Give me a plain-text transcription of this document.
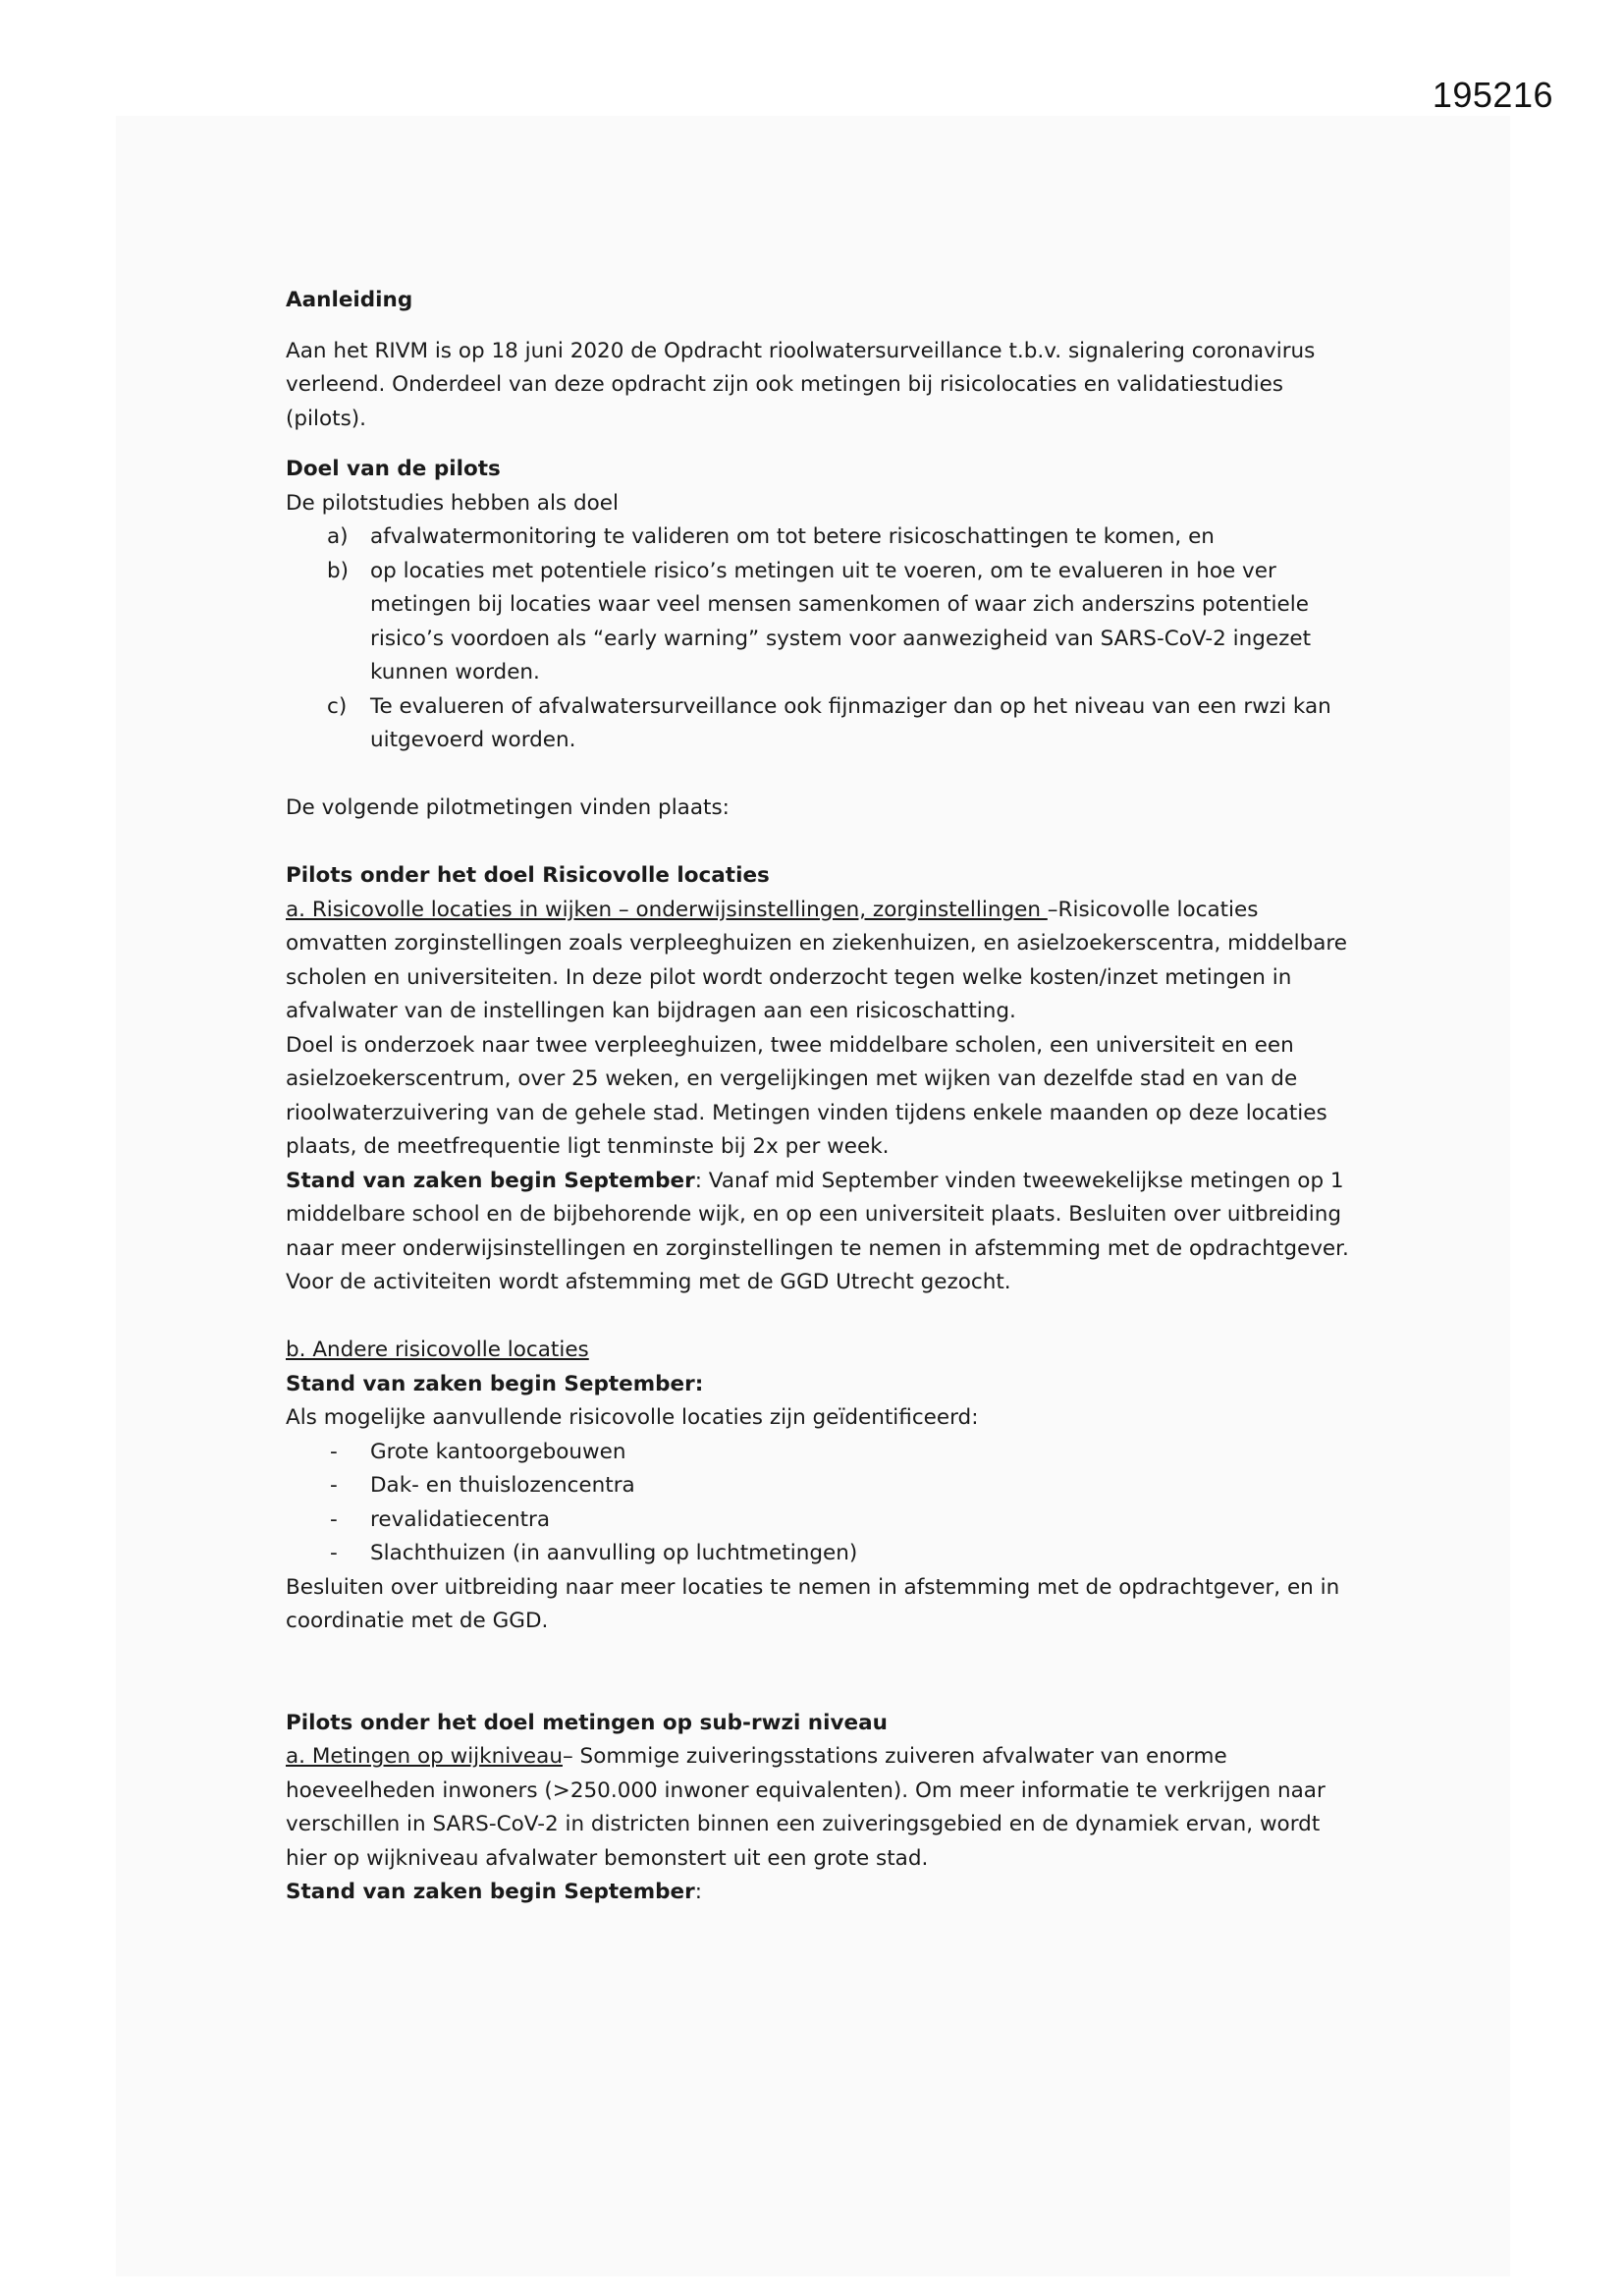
195216

Aanleiding

Aan het RIVM is op 18 juni 2020 de Opdracht rioolwatersurveillance t.b.v. signalering coronavirus verleend. Onderdeel van deze opdracht zijn ook metingen bij risicolocaties en validatiestudies (pilots).

Doel van de pilots

De pilotstudies hebben als doel

a) afvalwatermonitoring te valideren om tot betere risicoschattingen te komen, en
b) op locaties met potentiele risico’s metingen uit te voeren, om te evalueren in hoe ver metingen bij locaties waar veel mensen samenkomen of waar zich anderszins potentiele risico’s voordoen als “early warning” system voor aanwezigheid van SARS-CoV-2 ingezet kunnen worden.
c) Te evalueren of afvalwatersurveillance ook fijnmaziger dan op het niveau van een rwzi kan uitgevoerd worden.

De volgende pilotmetingen vinden plaats:

Pilots onder het doel Risicovolle locaties

a. Risicovolle locaties in wijken – onderwijsinstellingen, zorginstellingen –Risicovolle locaties omvatten zorginstellingen zoals verpleeghuizen en ziekenhuizen, en asielzoekerscentra, middelbare scholen en universiteiten. In deze pilot wordt onderzocht tegen welke kosten/inzet metingen in afvalwater van de instellingen kan bijdragen aan een risicoschatting.

Doel is onderzoek naar twee verpleeghuizen, twee middelbare scholen, een universiteit en een asielzoekerscentrum, over 25 weken, en vergelijkingen met wijken van dezelfde stad en van de rioolwaterzuivering van de gehele stad. Metingen vinden tijdens enkele maanden op deze locaties plaats, de meetfrequentie ligt tenminste bij 2x per week.

Stand van zaken begin September: Vanaf mid September vinden tweewekelijkse metingen op 1 middelbare school en de bijbehorende wijk, en op een universiteit plaats. Besluiten over uitbreiding naar meer onderwijsinstellingen en zorginstellingen te nemen in afstemming met de opdrachtgever. Voor de activiteiten wordt afstemming met de GGD Utrecht gezocht.

b. Andere risicovolle locaties

Stand van zaken begin September:

Als mogelijke aanvullende risicovolle locaties zijn geïdentificeerd:

- Grote kantoorgebouwen
- Dak- en thuislozencentra
- revalidatiecentra
- Slachthuizen (in aanvulling op luchtmetingen)

Besluiten over uitbreiding naar meer locaties te nemen in afstemming met de opdrachtgever, en in coordinatie met de GGD.

Pilots onder het doel metingen op sub-rwzi niveau

a. Metingen op wijkniveau– Sommige zuiveringsstations zuiveren afvalwater van enorme hoeveelheden inwoners (>250.000 inwoner equivalenten). Om meer informatie te verkrijgen naar verschillen in SARS-CoV-2 in districten binnen een zuiveringsgebied en de dynamiek ervan, wordt hier op wijkniveau afvalwater bemonstert uit een grote stad.

Stand van zaken begin September:
